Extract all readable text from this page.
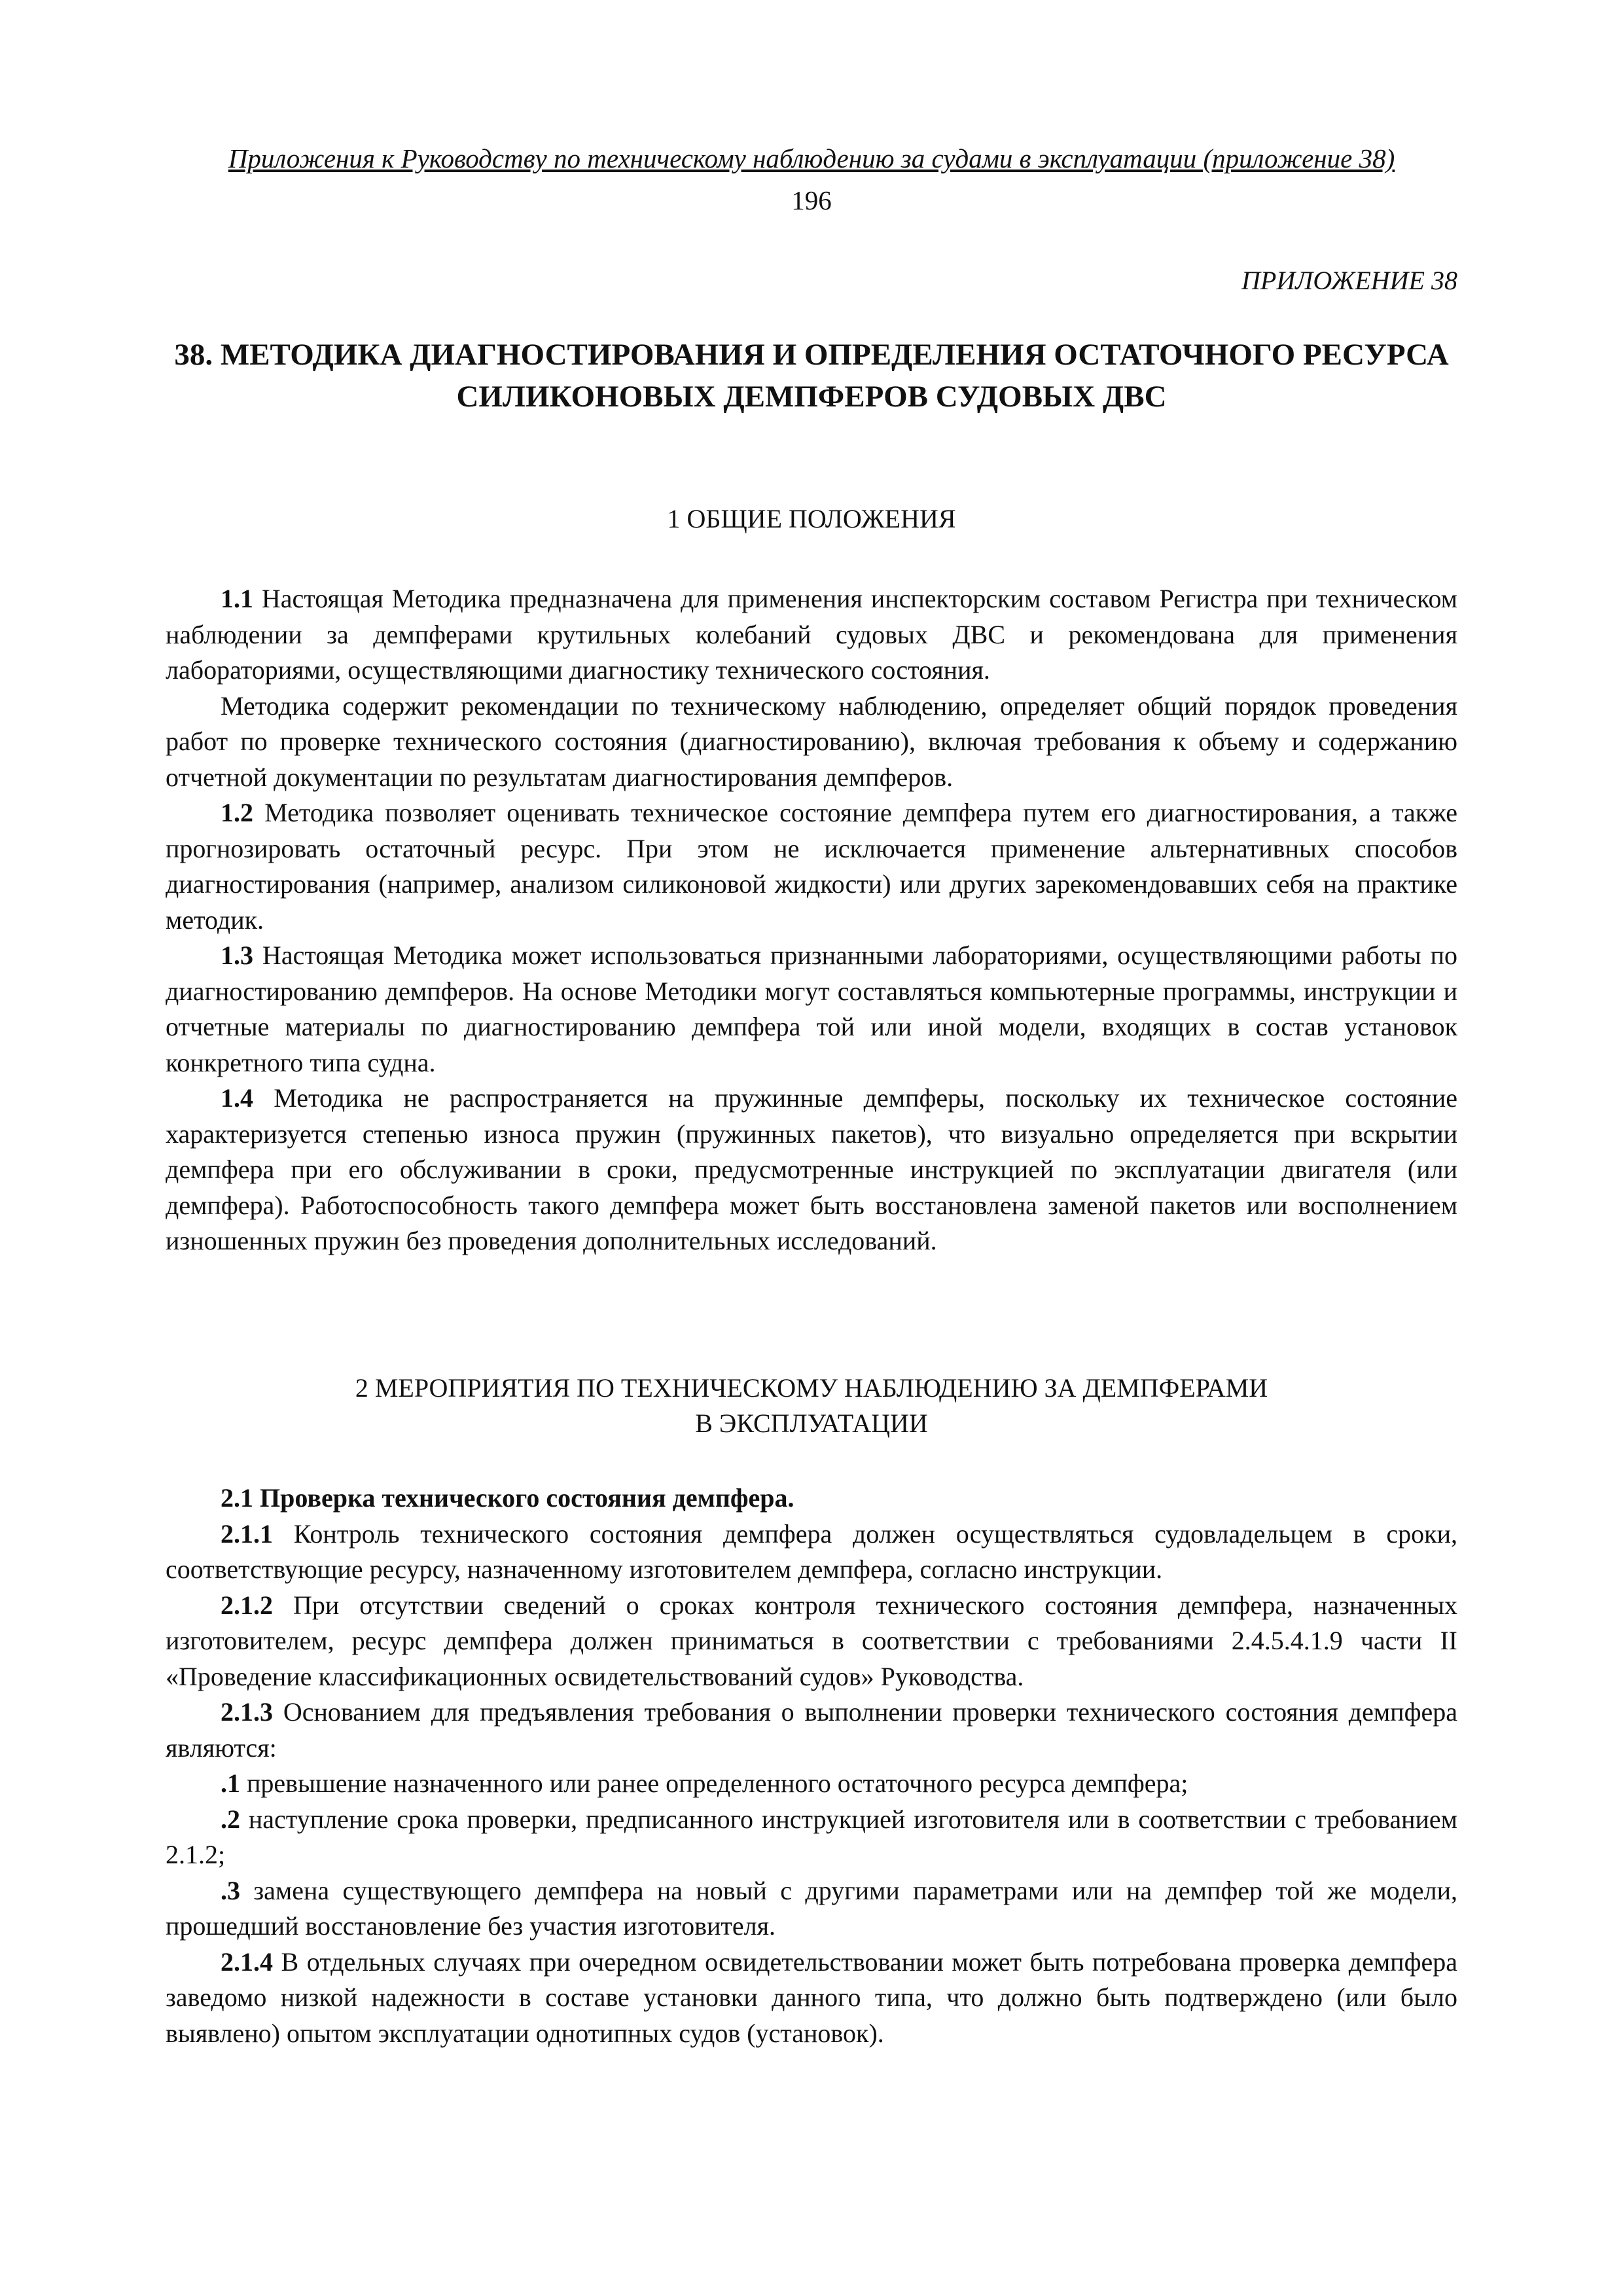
Приложения к Руководству по техническому наблюдению за судами в эксплуатации (приложение 38)
196
ПРИЛОЖЕНИЕ 38
38. МЕТОДИКА ДИАГНОСТИРОВАНИЯ И ОПРЕДЕЛЕНИЯ ОСТАТОЧНОГО РЕСУРСА
СИЛИКОНОВЫХ ДЕМПФЕРОВ СУДОВЫХ ДВС
1 ОБЩИЕ ПОЛОЖЕНИЯ

1.1 Настоящая Методика предназначена для применения инспекторским составом Регистра при техническом наблюдении за демпферами крутильных колебаний судовых ДВС и рекомендована для применения лабораториями, осуществляющими диагностику технического состояния.

Методика содержит рекомендации по техническому наблюдению, определяет общий порядок проведения работ по проверке технического состояния (диагностированию), включая требования к объему и содержанию отчетной документации по результатам диагностирования демпферов.

1.2 Методика позволяет оценивать техническое состояние демпфера путем его диагностирования, а также прогнозировать остаточный ресурс. При этом не исключается применение альтернативных способов диагностирования (например, анализом силиконовой жидкости) или других зарекомендовавших себя на практике методик.

1.3 Настоящая Методика может использоваться признанными лабораториями, осуществляющими работы по диагностированию демпферов. На основе Методики могут составляться компьютерные программы, инструкции и отчетные материалы по диагностированию демпфера той или иной модели, входящих в состав установок конкретного типа судна.

1.4 Методика не распространяется на пружинные демпферы, поскольку их техническое состояние характеризуется степенью износа пружин (пружинных пакетов), что визуально определяется при вскрытии демпфера при его обслуживании в сроки, предусмотренные инструкцией по эксплуатации двигателя (или демпфера). Работоспособность такого демпфера может быть восстановлена заменой пакетов или восполнением изношенных пружин без проведения дополнительных исследований.

2 МЕРОПРИЯТИЯ ПО ТЕХНИЧЕСКОМУ НАБЛЮДЕНИЮ ЗА ДЕМПФЕРАМИ
В ЭКСПЛУАТАЦИИ

2.1 Проверка технического состояния демпфера.

2.1.1 Контроль технического состояния демпфера должен осуществляться судовладельцем в сроки, соответствующие ресурсу, назначенному изготовителем демпфера, согласно инструкции.

2.1.2 При отсутствии сведений о сроках контроля технического состояния демпфера, назначенных изготовителем, ресурс демпфера должен приниматься в соответствии с требованиями 2.4.5.4.1.9 части II «Проведение классификационных освидетельствований судов» Руководства.

2.1.3 Основанием для предъявления требования о выполнении проверки технического состояния демпфера являются:

.1 превышение назначенного или ранее определенного остаточного ресурса демпфера;

.2 наступление срока проверки, предписанного инструкцией изготовителя или в соответствии с требованием 2.1.2;

.3 замена существующего демпфера на новый с другими параметрами или на демпфер той же модели, прошедший восстановление без участия изготовителя.

2.1.4 В отдельных случаях при очередном освидетельствовании может быть потребована проверка демпфера заведомо низкой надежности в составе установки данного типа, что должно быть подтверждено (или было выявлено) опытом эксплуатации однотипных судов (установок).
